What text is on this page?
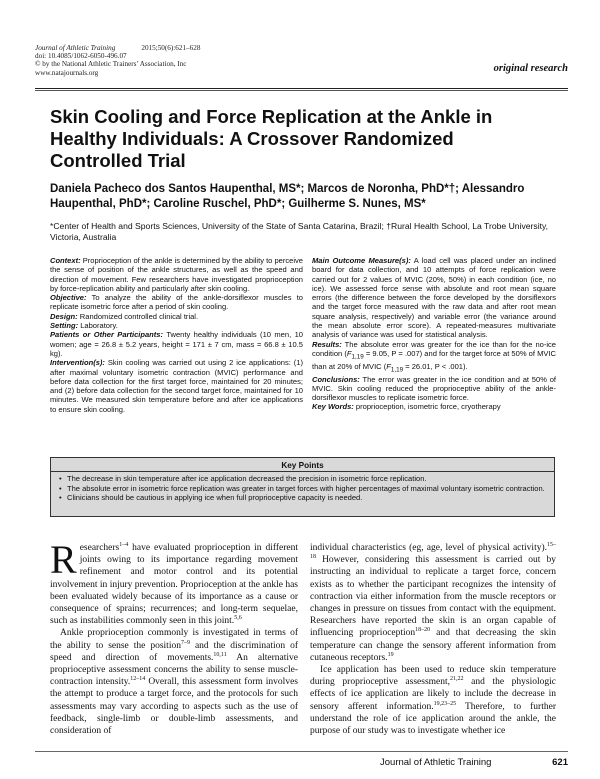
Journal of Athletic Training	2015;50(6):621–628
doi: 10.4085/1062-6050-496.07
© by the National Athletic Trainers’ Association, Inc
www.natajournals.org	original research
Skin Cooling and Force Replication at the Ankle in Healthy Individuals: A Crossover Randomized Controlled Trial
Daniela Pacheco dos Santos Haupenthal, MS*; Marcos de Noronha, PhD*†; Alessandro Haupenthal, PhD*; Caroline Ruschel, PhD*; Guilherme S. Nunes, MS*
*Center of Health and Sports Sciences, University of the State of Santa Catarina, Brazil; †Rural Health School, La Trobe University, Victoria, Australia

Context: Proprioception of the ankle is determined by the ability to perceive the sense of position of the ankle structures, as well as the speed and direction of movement. Few researchers have investigated proprioception by force-replication ability and particularly after skin cooling.

Objective: To analyze the ability of the ankle-dorsiflexor muscles to replicate isometric force after a period of skin cooling.

Design: Randomized controlled clinical trial.

Setting: Laboratory.

Patients or Other Participants: Twenty healthy individuals (10 men, 10 women; age = 26.8 ± 5.2 years, height = 171 ± 7 cm, mass = 66.8 ± 10.5 kg).

Intervention(s): Skin cooling was carried out using 2 ice applications: (1) after maximal voluntary isometric contraction (MVIC) performance and before data collection for the first target force, maintained for 20 minutes; and (2) before data collection for the second target force, maintained for 10 minutes. We measured skin temperature before and after ice applications to ensure skin cooling.

Main Outcome Measure(s): A load cell was placed under an inclined board for data collection, and 10 attempts of force replication were carried out for 2 values of MVIC (20%, 50%) in each condition (ice, no ice). We assessed force sense with absolute and root mean square errors (the difference between the force developed by the dorsiflexors and the target force measured with the raw data and after root mean square analysis, respectively) and variable error (the variance around the mean absolute error score). A repeated-measures multivariate analysis of variance was used for statistical analysis.

Results: The absolute error was greater for the ice than for the no-ice condition ($F_{1,19} = 9.05$, P = .007) and for the target force at 50% of MVIC than at 20% of MVIC ($F_{1,19} = 26.01$, P < .001).

Conclusions: The error was greater in the ice condition and at 50% of MVIC. Skin cooling reduced the proprioceptive ability of the ankle-dorsiflexor muscles to replicate isometric force.

Key Words: proprioception, isometric force, cryotherapy

Key Points
• The decrease in skin temperature after ice application decreased the precision in isometric force replication.
• The absolute error in isometric force replication was greater in target forces with higher percentages of maximal voluntary isometric contraction.
• Clinicians should be cautious in applying ice when full proprioceptive capacity is needed.

Researchers$^{1-4}$ have evaluated proprioception in different joints owing to its importance regarding movement refinement and motor control and its potential involvement in injury prevention. Proprioception at the ankle has been evaluated widely because of its importance as a cause or consequence of sprains; recurrences; and long-term sequelae, such as instabilities commonly seen in this joint.$^{5,6}$

Ankle proprioception commonly is investigated in terms of the ability to sense the position$^{7-9}$ and the discrimination of speed and direction of movements.$^{10,11}$ An alternative proprioceptive assessment concerns the ability to sense muscle-contraction intensity.$^{12-14}$ Overall, this assessment form involves the attempt to produce a target force, and the protocols for such assessments may vary according to aspects such as the use of feedback, single-limb or double-limb assessments, and consideration of

individual characteristics (eg, age, level of physical activity).$^{15-18}$ However, considering this assessment is carried out by instructing an individual to replicate a target force, concern exists as to whether the participant recognizes the intensity of contraction via either information from the muscle receptors or changes in pressure on tissues from contact with the equipment. Researchers have reported the skin is an organ capable of influencing proprioception$^{18-20}$ and that decreasing the skin temperature can change the sensory afferent information from cutaneous receptors.$^{19}$

Ice application has been used to reduce skin temperature during proprioceptive assessment,$^{21,22}$ and the physiologic effects of ice application are likely to include the decrease in sensory afferent information.$^{19,23-25}$ Therefore, to further understand the role of ice application around the ankle, the purpose of our study was to investigate whether ice

Journal of Athletic Training	621
